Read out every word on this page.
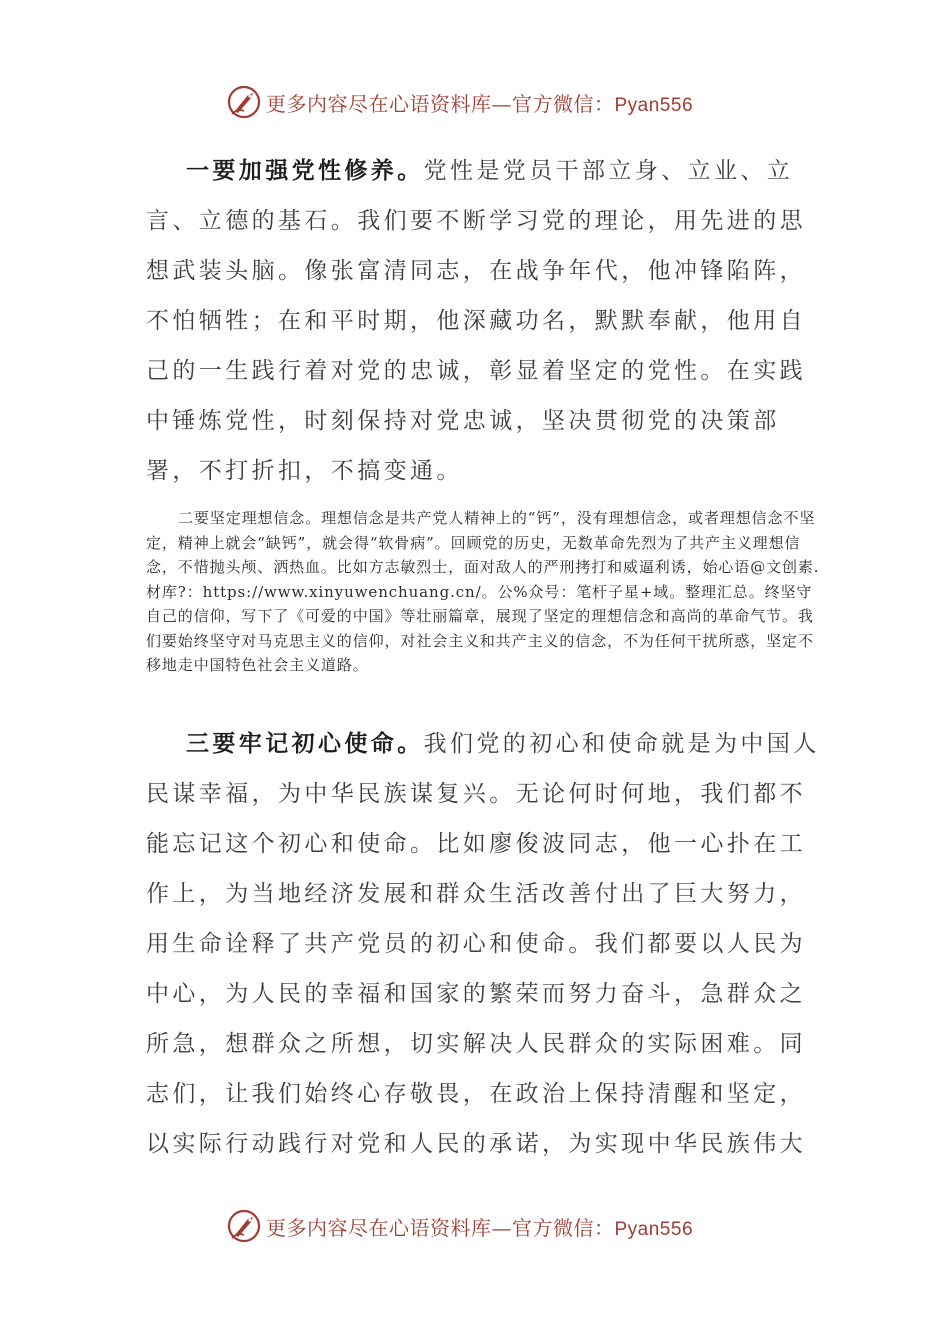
更多内容尽在心语资料库—官方微信：Pyan556

一要加强党性修养。党性是党员干部立身、立业、立言、立德的基石。我们要不断学习党的理论，用先进的思想武装头脑。像张富清同志，在战争年代，他冲锋陷阵，不怕牺牲；在和平时期，他深藏功名，默默奉献，他用自己的一生践行着对党的忠诚，彰显着坚定的党性。在实践中锤炼党性，时刻保持对党忠诚，坚决贯彻党的决策部署，不打折扣，不搞变通。

二要坚定理想信念。理想信念是共产党人精神上的“钙”，没有理想信念，或者理想信念不坚定，精神上就会“缺钙”，就会得“软骨病”。回顾党的历史，无数革命先烈为了共产主义理想信念，不惜抛头颅、洒热血。比如方志敏烈士，面对敌人的严刑拷打和威逼利诱，始心语@文创素.材库?：https://www.xinyuwenchuang.cn/。公%众号：笔杆子星+域。整理汇总。终坚守自己的信仰，写下了《可爱的中国》等壮丽篇章，展现了坚定的理想信念和高尚的革命气节。我们要始终坚守对马克思主义的信仰，对社会主义和共产主义的信念，不为任何干扰所惑，坚定不移地走中国特色社会主义道路。

三要牢记初心使命。我们党的初心和使命就是为中国人民谋幸福，为中华民族谋复兴。无论何时何地，我们都不能忘记这个初心和使命。比如廖俊波同志，他一心扑在工作上，为当地经济发展和群众生活改善付出了巨大努力，用生命诠释了共产党员的初心和使命。我们都要以人民为中心，为人民的幸福和国家的繁荣而努力奋斗，急群众之所急，想群众之所想，切实解决人民群众的实际困难。同志们，让我们始终心存敬畏，在政治上保持清醒和坚定，以实际行动践行对党和人民的承诺，为实现中华民族伟大

更多内容尽在心语资料库—官方微信：Pyan556
